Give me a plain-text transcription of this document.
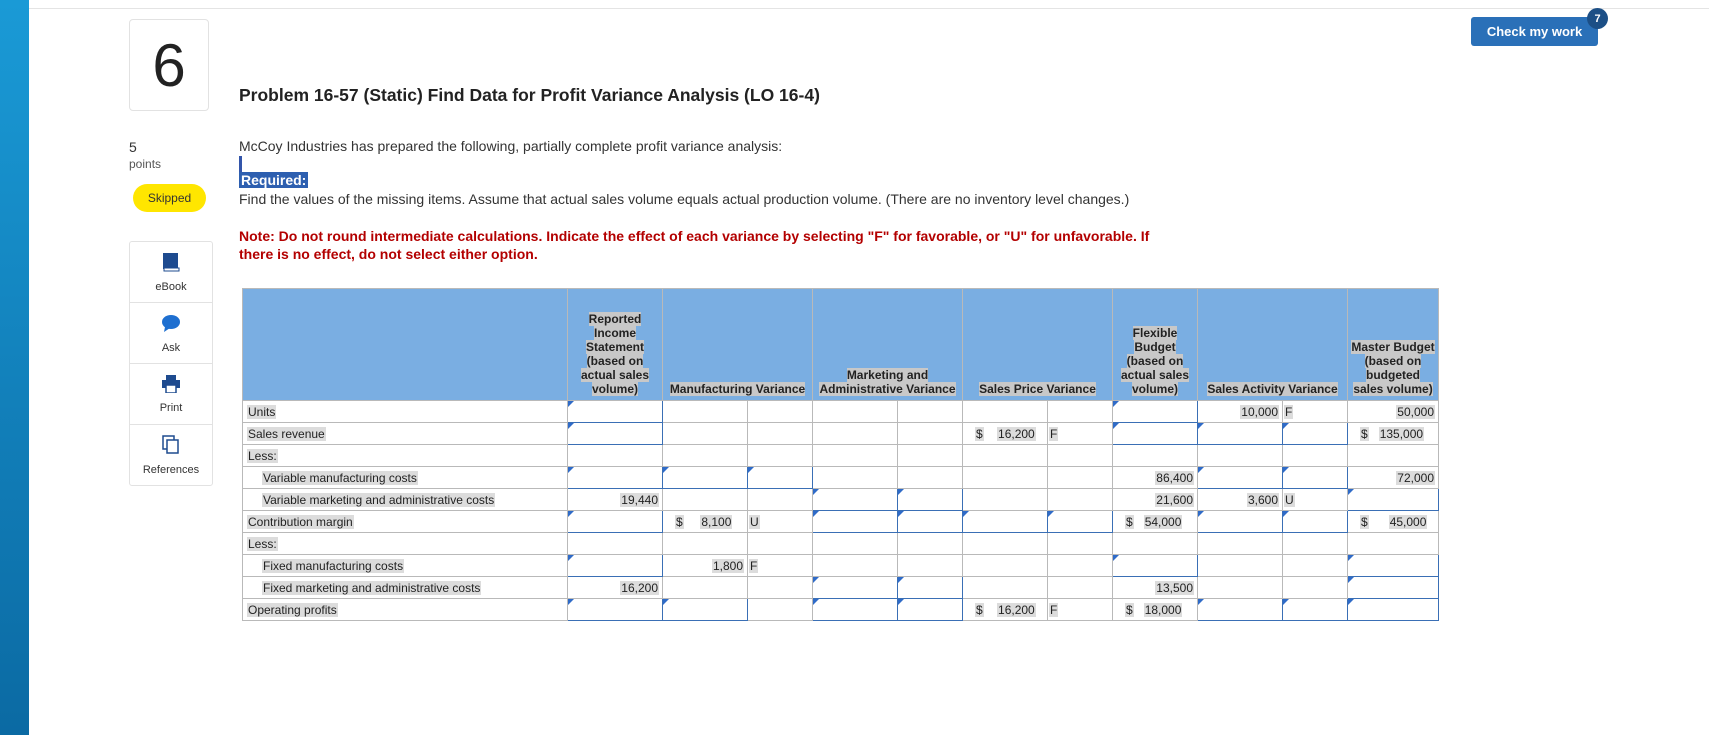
6
5
points
Skipped
eBook
Ask
Print
References
Check my work
7
Problem 16-57 (Static) Find Data for Profit Variance Analysis (LO 16-4)
McCoy Industries has prepared the following, partially complete profit variance analysis:
Required:
Find the values of the missing items. Assume that actual sales volume equals actual production volume. (There are no inventory level changes.)
Note: Do not round intermediate calculations. Indicate the effect of each variance by selecting "F" for favorable, or "U" for unfavorable. If there is no effect, do not select either option.
	Reported Income Statement (based on actual sales volume)	Manufacturing Variance		Marketing and Administrative Variance		Sales Price Variance		Flexible Budget (based on actual sales volume)	Sales Activity Variance		Master Budget (based on budgeted sales volume)
Units									10,000	F	50,000
Sales revenue						$ 16,200	F				$ 135,000
Less:											
Variable manufacturing costs								86,400			72,000
Variable marketing and administrative costs	19,440							21,600	3,600	U	
Contribution margin		$ 8,100	U					$ 54,000			$ 45,000
Less:											
Fixed manufacturing costs		1,800	F								
Fixed marketing and administrative costs	16,200							13,500			
Operating profits						$ 16,200	F	$ 18,000			
